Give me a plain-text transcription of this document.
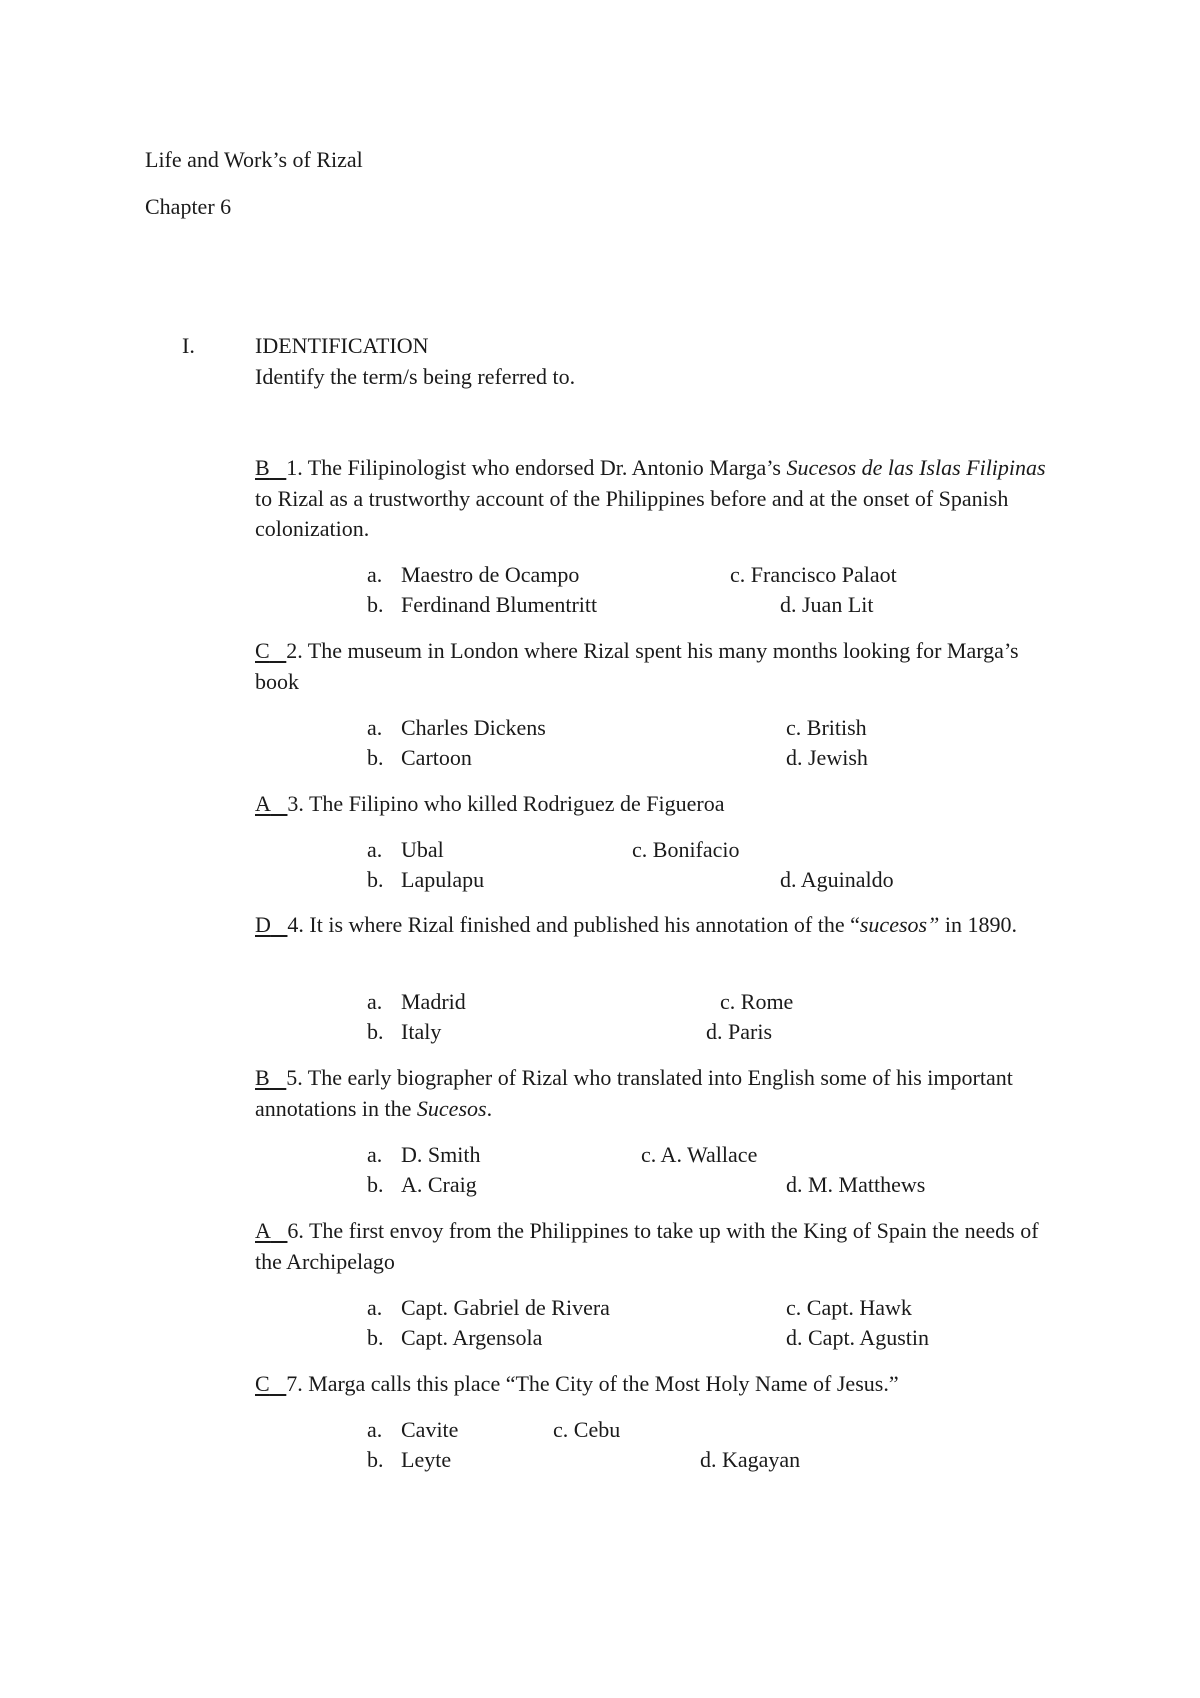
Life and Work’s of Rizal
Chapter 6
I.	IDENTIFICATION
Identify the term/s being referred to.
B 1. The Filipinologist who endorsed Dr. Antonio Marga’s Sucesos de las Islas Filipinas to Rizal as a trustworthy account of the Philippines before and at the onset of Spanish colonization.
a. Maestro de Ocampo	c. Francisco Palaot
b. Ferdinand Blumentritt	d. Juan Lit
C 2. The museum in London where Rizal spent his many months looking for Marga’s book
a. Charles Dickens	c. British
b. Cartoon	d. Jewish
A 3. The Filipino who killed Rodriguez de Figueroa
a. Ubal	c. Bonifacio
b. Lapulapu	d. Aguinaldo
D 4. It is where Rizal finished and published his annotation of the “sucesos” in 1890.
a. Madrid	c. Rome
b. Italy	d. Paris
B 5. The early biographer of Rizal who translated into English some of his important annotations in the Sucesos.
a. D. Smith	c. A. Wallace
b. A. Craig	d. M. Matthews
A 6. The first envoy from the Philippines to take up with the King of Spain the needs of the Archipelago
a. Capt. Gabriel de Rivera	c. Capt. Hawk
b. Capt. Argensola	d. Capt. Agustin
C 7. Marga calls this place “The City of the Most Holy Name of Jesus.”
a. Cavite	c. Cebu
b. Leyte	d. Kagayan
